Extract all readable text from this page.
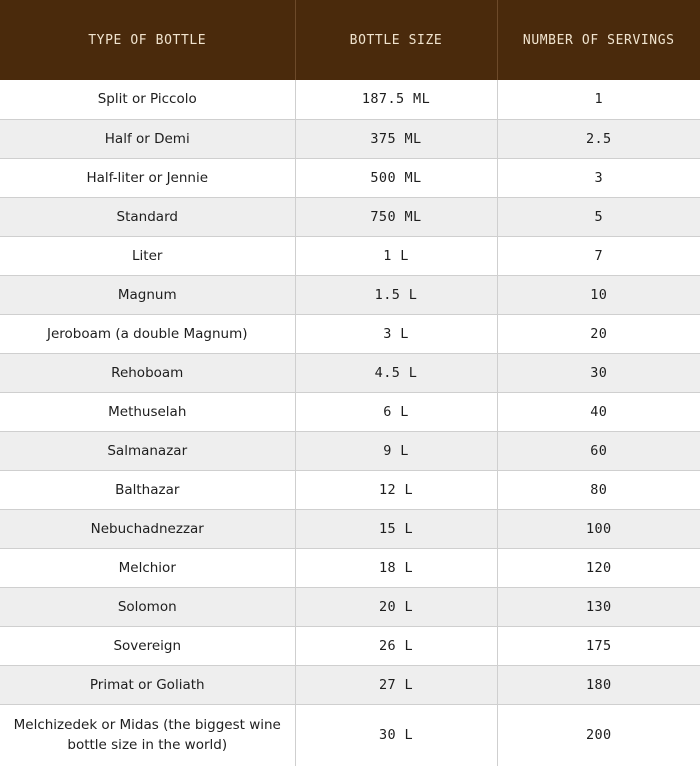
TYPE OF BOTTLE	BOTTLE SIZE	NUMBER OF SERVINGS
Split or Piccolo	187.5 ML	1
Half or Demi	375 ML	2.5
Half-liter or Jennie	500 ML	3
Standard	750 ML	5
Liter	1 L	7
Magnum	1.5 L	10
Jeroboam (a double Magnum)	3 L	20
Rehoboam	4.5 L	30
Methuselah	6 L	40
Salmanazar	9 L	60
Balthazar	12 L	80
Nebuchadnezzar	15 L	100
Melchior	18 L	120
Solomon	20 L	130
Sovereign	26 L	175
Primat or Goliath	27 L	180
Melchizedek or Midas (the biggest wine bottle size in the world)	30 L	200
